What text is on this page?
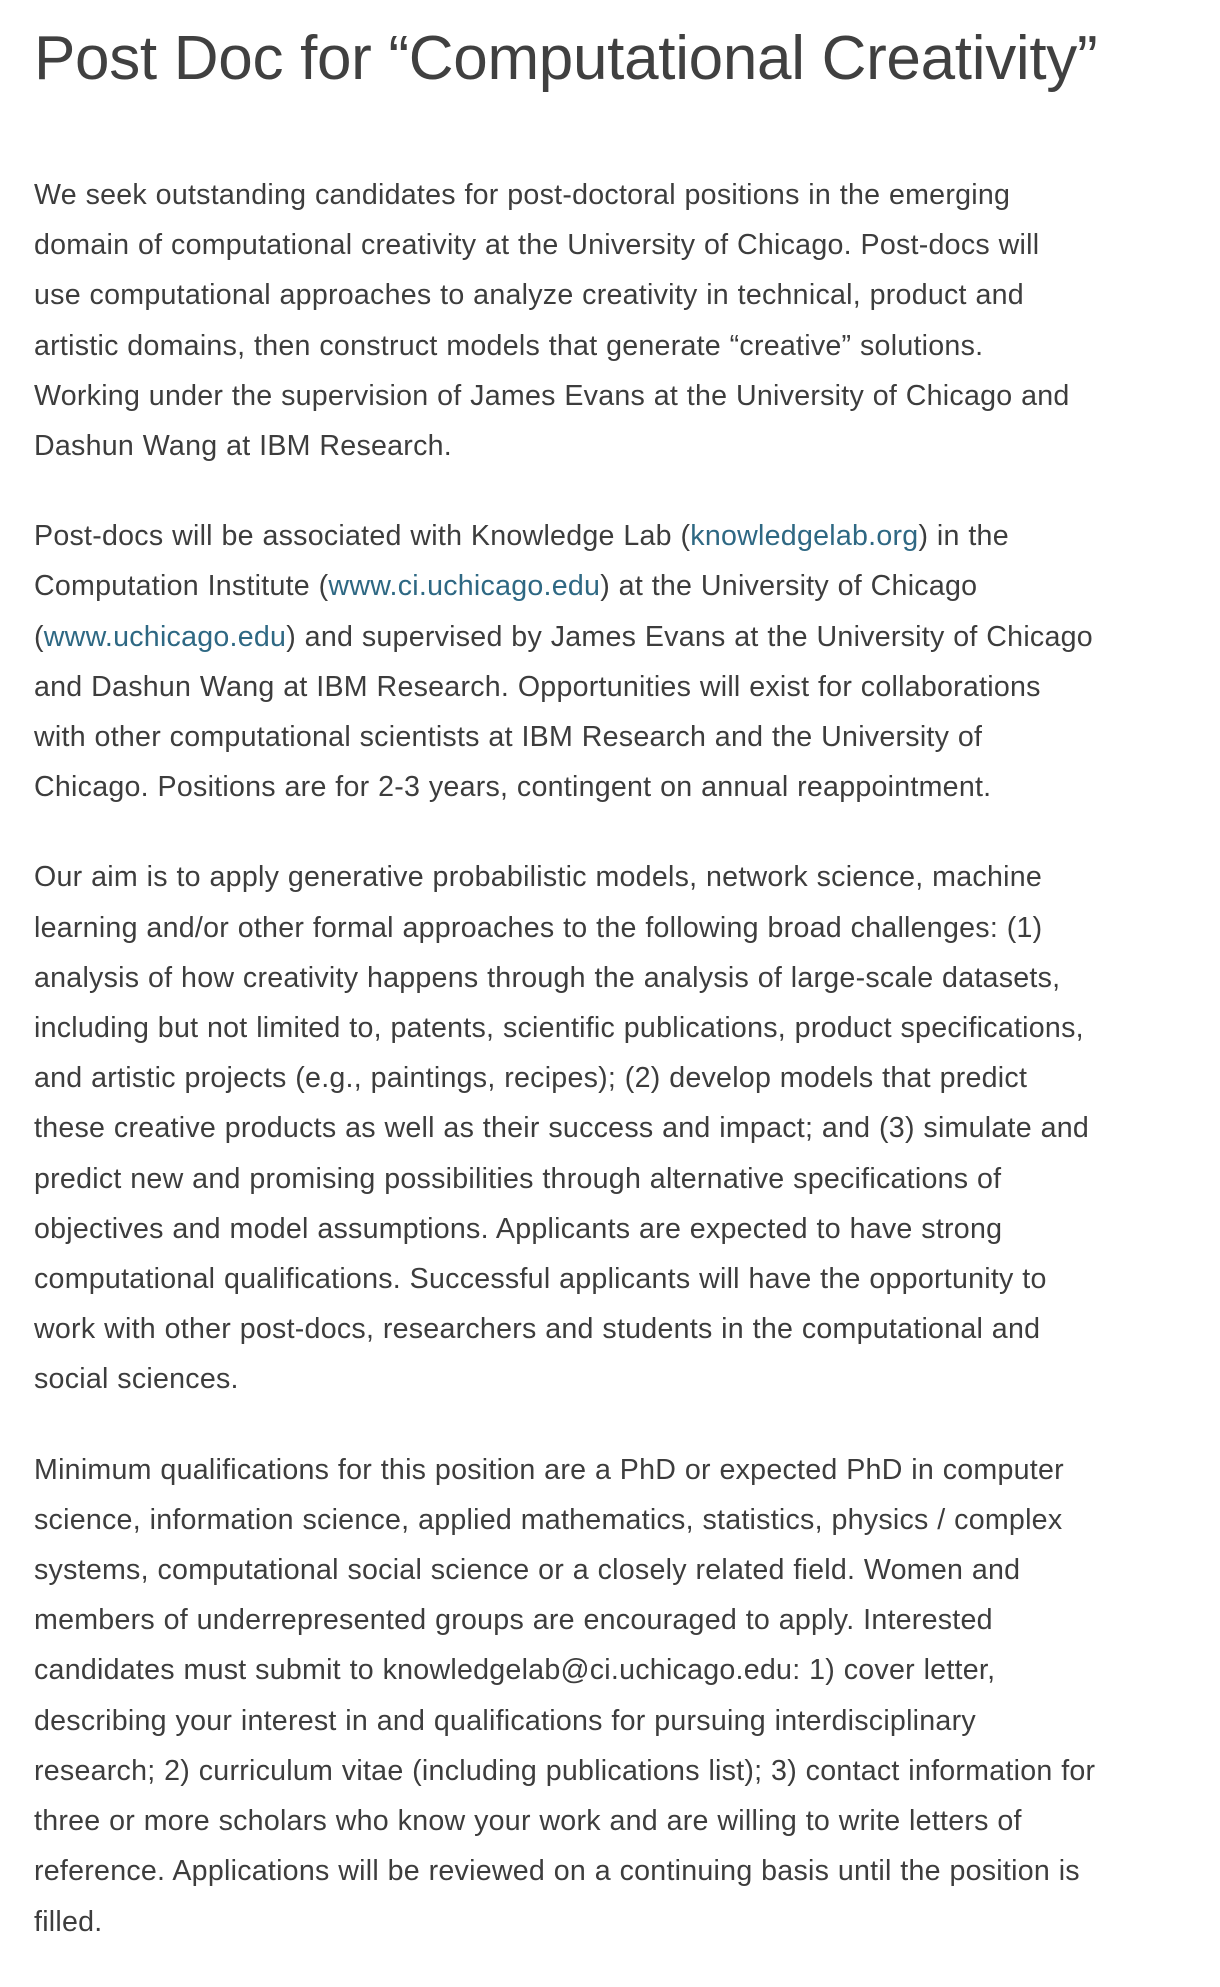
Post Doc for “Computational Creativity”

We seek outstanding candidates for post-doctoral positions in the emerging
domain of computational creativity at the University of Chicago. Post-docs will
use computational approaches to analyze creativity in technical, product and
artistic domains, then construct models that generate “creative” solutions.
Working under the supervision of James Evans at the University of Chicago and
Dashun Wang at IBM Research.

Post-docs will be associated with Knowledge Lab (knowledgelab.org) in the
Computation Institute (www.ci.uchicago.edu) at the University of Chicago
(www.uchicago.edu) and supervised by James Evans at the University of Chicago
and Dashun Wang at IBM Research. Opportunities will exist for collaborations
with other computational scientists at IBM Research and the University of
Chicago. Positions are for 2-3 years, contingent on annual reappointment.

Our aim is to apply generative probabilistic models, network science, machine
learning and/or other formal approaches to the following broad challenges: (1)
analysis of how creativity happens through the analysis of large-scale datasets,
including but not limited to, patents, scientific publications, product specifications,
and artistic projects (e.g., paintings, recipes); (2) develop models that predict
these creative products as well as their success and impact; and (3) simulate and
predict new and promising possibilities through alternative specifications of
objectives and model assumptions. Applicants are expected to have strong
computational qualifications. Successful applicants will have the opportunity to
work with other post-docs, researchers and students in the computational and
social sciences.

Minimum qualifications for this position are a PhD or expected PhD in computer
science, information science, applied mathematics, statistics, physics / complex
systems, computational social science or a closely related field. Women and
members of underrepresented groups are encouraged to apply. Interested
candidates must submit to knowledgelab@ci.uchicago.edu: 1) cover letter,
describing your interest in and qualifications for pursuing interdisciplinary
research; 2) curriculum vitae (including publications list); 3) contact information for
three or more scholars who know your work and are willing to write letters of
reference. Applications will be reviewed on a continuing basis until the position is
filled.
